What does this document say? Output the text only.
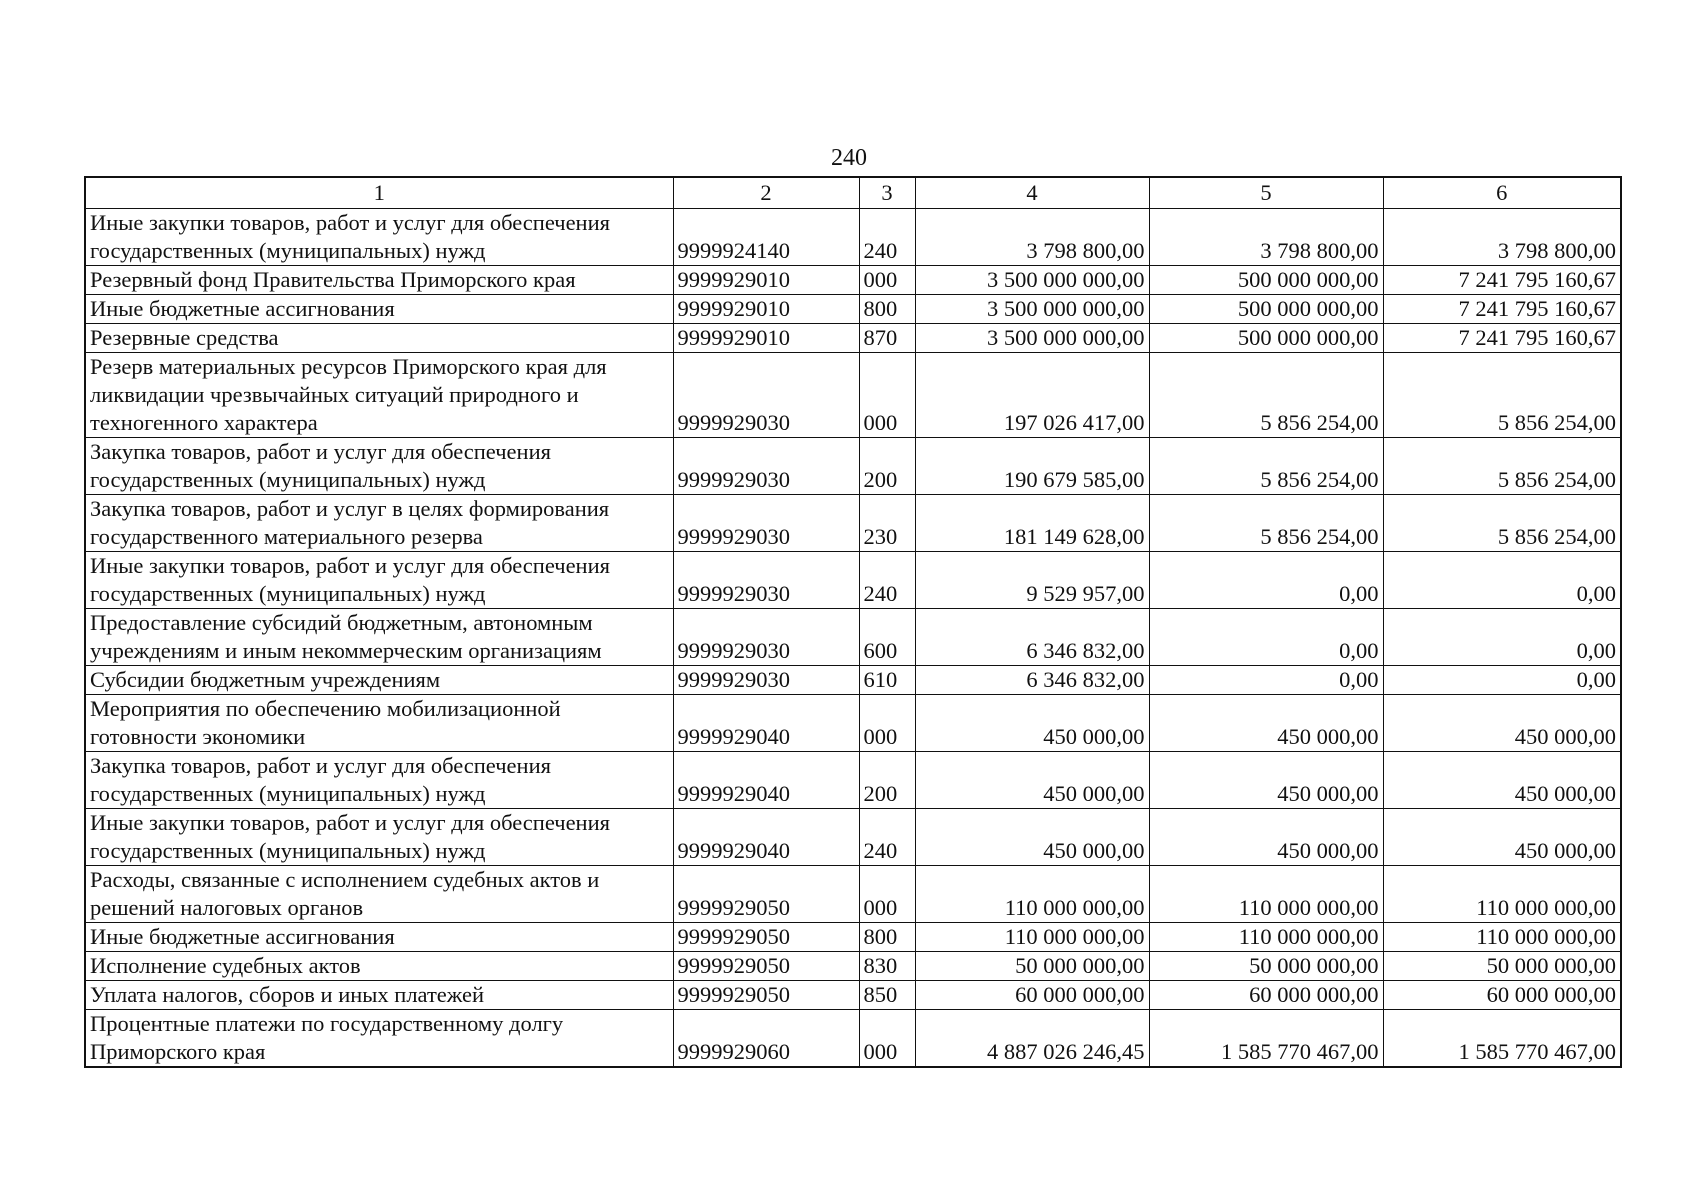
240
1	2	3	4	5	6
Иные закупки товаров, работ и услуг для обеспечения государственных (муниципальных) нужд	9999924140	240	3 798 800,00	3 798 800,00	3 798 800,00
Резервный фонд Правительства Приморского края	9999929010	000	3 500 000 000,00	500 000 000,00	7 241 795 160,67
Иные бюджетные ассигнования	9999929010	800	3 500 000 000,00	500 000 000,00	7 241 795 160,67
Резервные средства	9999929010	870	3 500 000 000,00	500 000 000,00	7 241 795 160,67
Резерв материальных ресурсов Приморского края для ликвидации чрезвычайных ситуаций природного и техногенного характера	9999929030	000	197 026 417,00	5 856 254,00	5 856 254,00
Закупка товаров, работ и услуг для обеспечения государственных (муниципальных) нужд	9999929030	200	190 679 585,00	5 856 254,00	5 856 254,00
Закупка товаров, работ и услуг в целях формирования государственного материального резерва	9999929030	230	181 149 628,00	5 856 254,00	5 856 254,00
Иные закупки товаров, работ и услуг для обеспечения государственных (муниципальных) нужд	9999929030	240	9 529 957,00	0,00	0,00
Предоставление субсидий бюджетным, автономным учреждениям и иным некоммерческим организациям	9999929030	600	6 346 832,00	0,00	0,00
Субсидии бюджетным учреждениям	9999929030	610	6 346 832,00	0,00	0,00
Мероприятия по обеспечению мобилизационной готовности экономики	9999929040	000	450 000,00	450 000,00	450 000,00
Закупка товаров, работ и услуг для обеспечения государственных (муниципальных) нужд	9999929040	200	450 000,00	450 000,00	450 000,00
Иные закупки товаров, работ и услуг для обеспечения государственных (муниципальных) нужд	9999929040	240	450 000,00	450 000,00	450 000,00
Расходы, связанные с исполнением судебных актов и решений налоговых органов	9999929050	000	110 000 000,00	110 000 000,00	110 000 000,00
Иные бюджетные ассигнования	9999929050	800	110 000 000,00	110 000 000,00	110 000 000,00
Исполнение судебных актов	9999929050	830	50 000 000,00	50 000 000,00	50 000 000,00
Уплата налогов, сборов и иных платежей	9999929050	850	60 000 000,00	60 000 000,00	60 000 000,00
Процентные платежи по государственному долгу Приморского края	9999929060	000	4 887 026 246,45	1 585 770 467,00	1 585 770 467,00
